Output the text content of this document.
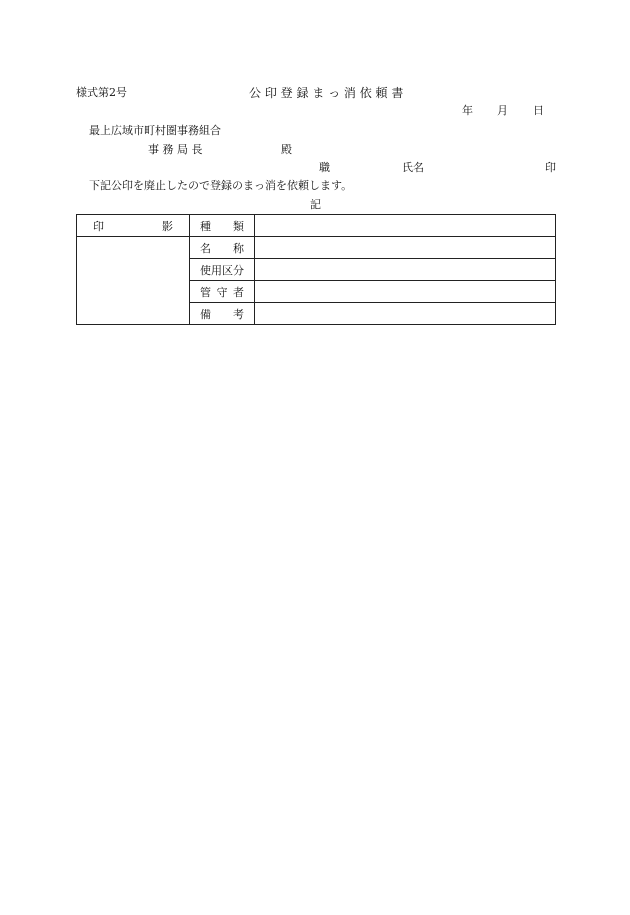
様式第2号	公 印 登 録 ま っ 消 依 頼 書
年 月 日
最上広域市町村圏事務組合
事 務 局 長	殿
職	氏名	印
下記公印を廃止したので登録のまっ消を依頼します。
記
印 影	種 類	

	名 称	

	使用区分	

	管 守 者	

	備 考	
